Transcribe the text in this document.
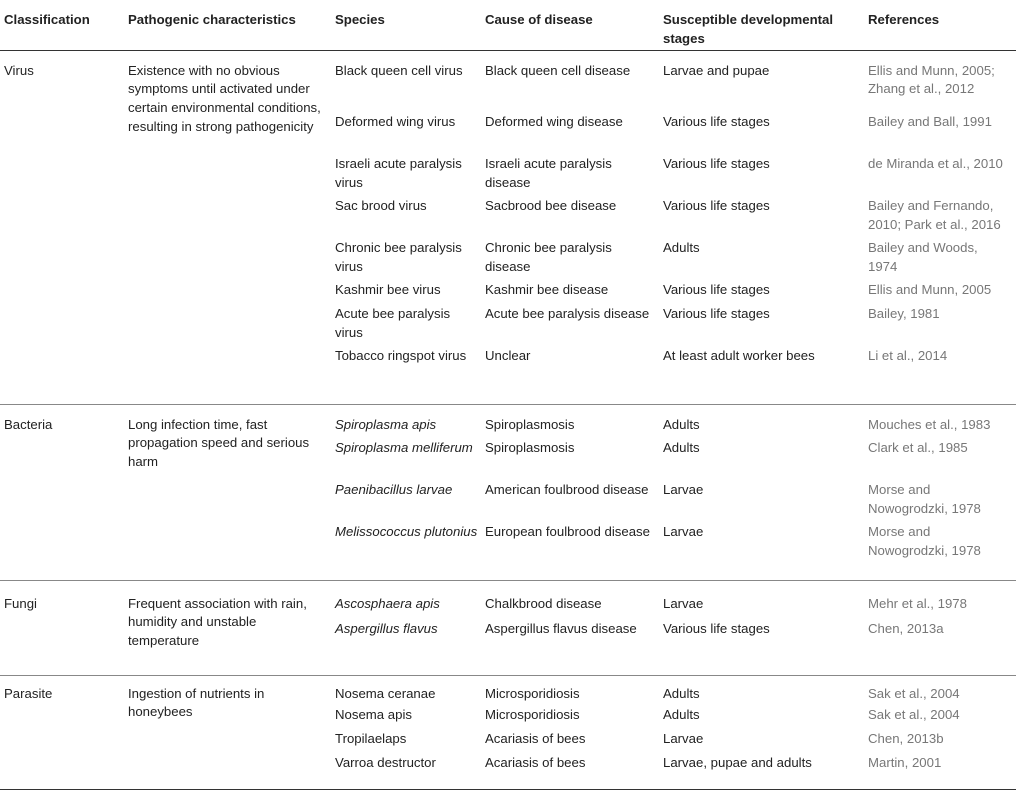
Classification	Pathogenic characteristics	Species	Cause of disease	Susceptible developmental stages	References
Virus	Existence with no obvious symptoms until activated under certain environmental conditions, resulting in strong pathogenicity	Black queen cell virus	Black queen cell disease	Larvae and pupae	Ellis and Munn, 2005; Zhang et al., 2012
		Deformed wing virus	Deformed wing disease	Various life stages	Bailey and Ball, 1991
		Israeli acute paralysis virus	Israeli acute paralysis disease	Various life stages	de Miranda et al., 2010
		Sac brood virus	Sacbrood bee disease	Various life stages	Bailey and Fernando, 2010; Park et al., 2016
		Chronic bee paralysis virus	Chronic bee paralysis disease	Adults	Bailey and Woods, 1974
		Kashmir bee virus	Kashmir bee disease	Various life stages	Ellis and Munn, 2005
		Acute bee paralysis virus	Acute bee paralysis disease	Various life stages	Bailey, 1981
		Tobacco ringspot virus	Unclear	At least adult worker bees	Li et al., 2014
Bacteria	Long infection time, fast propagation speed and serious harm	Spiroplasma apis	Spiroplasmosis	Adults	Mouches et al., 1983
		Spiroplasma melliferum	Spiroplasmosis	Adults	Clark et al., 1985
		Paenibacillus larvae	American foulbrood disease	Larvae	Morse and Nowogrodzki, 1978
		Melissococcus plutonius	European foulbrood disease	Larvae	Morse and Nowogrodzki, 1978
Fungi	Frequent association with rain, humidity and unstable temperature	Ascosphaera apis	Chalkbrood disease	Larvae	Mehr et al., 1978
		Aspergillus flavus	Aspergillus flavus disease	Various life stages	Chen, 2013a
Parasite	Ingestion of nutrients in honeybees	Nosema ceranae	Microsporidiosis	Adults	Sak et al., 2004
		Nosema apis	Microsporidiosis	Adults	Sak et al., 2004
		Tropilaelaps	Acariasis of bees	Larvae	Chen, 2013b
		Varroa destructor	Acariasis of bees	Larvae, pupae and adults	Martin, 2001
